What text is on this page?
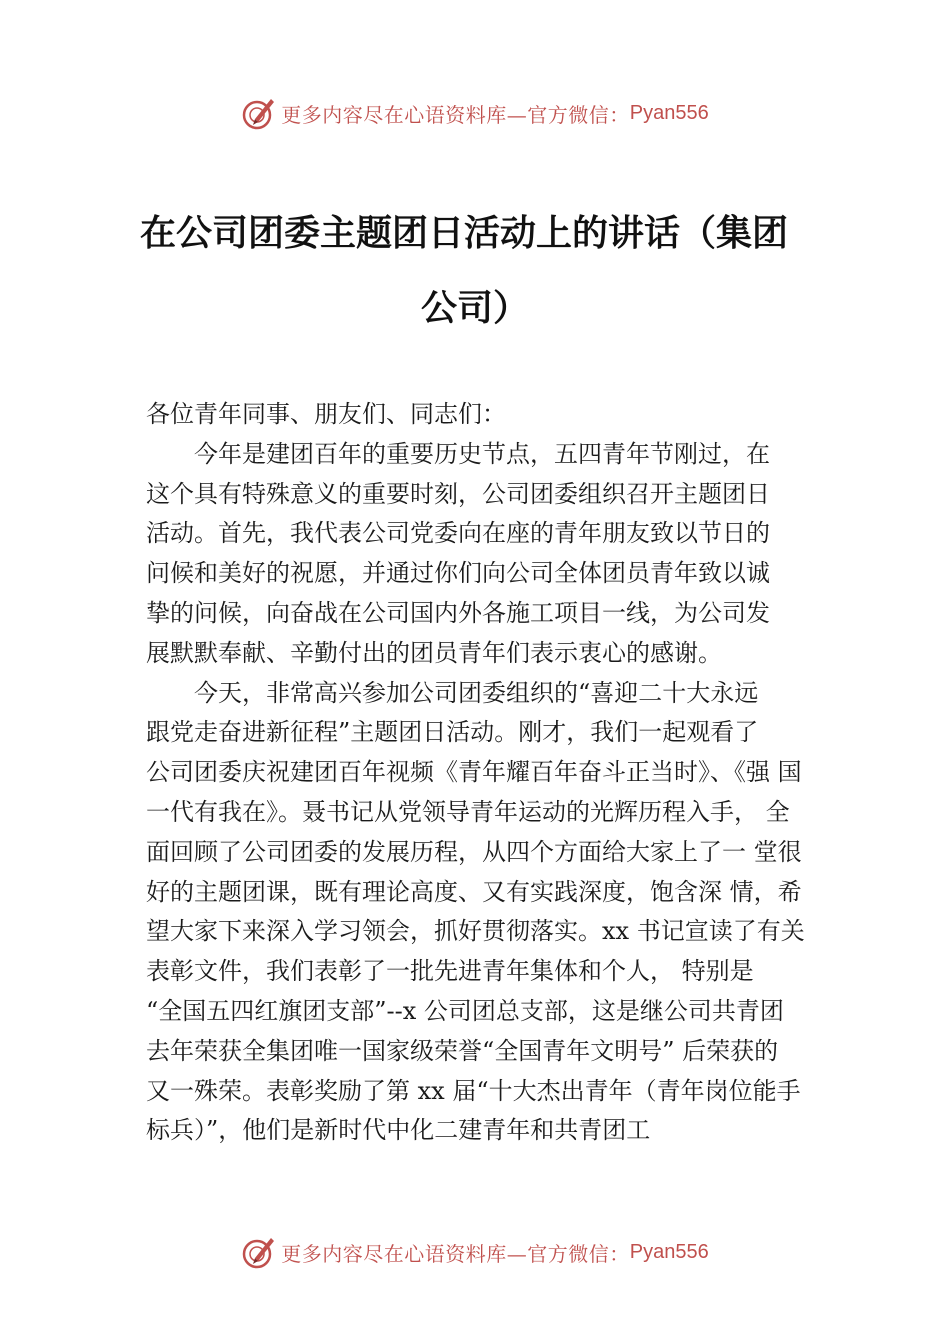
更多内容尽在心语资料库—官方微信： Pyan556
在公司团委主题团日活动上的讲话（集团
公司）

各位青年同事、朋友们、同志们：

今年是建团百年的重要历史节点，五四青年节刚过，在

这个具有特殊意义的重要时刻，公司团委组织召开主题团日

活动。首先，我代表公司党委向在座的青年朋友致以节日的

问候和美好的祝愿，并通过你们向公司全体团员青年致以诚

挚的问候，向奋战在公司国内外各施工项目一线，为公司发

展默默奉献、辛勤付出的团员青年们表示衷心的感谢。

今天，非常高兴参加公司团委组织的“喜迎二十大永远

跟党走奋进新征程”主题团日活动。刚才，我们一起观看了

公司团委庆祝建团百年视频《青年耀百年奋斗正当时》、《强 国

一代有我在》。聂书记从党领导青年运动的光辉历程入手， 全

面回顾了公司团委的发展历程，从四个方面给大家上了一 堂很

好的主题团课，既有理论高度、又有实践深度，饱含深 情，希

望大家下来深入学习领会，抓好贯彻落实。xx 书记宣读了有关

表彰文件，我们表彰了一批先进青年集体和个人， 特别是

“全国五四红旗团支部”--x 公司团总支部，这是继公司共青团

去年荣获全集团唯一国家级荣誉“全国青年文明号” 后荣获的

又一殊荣。表彰奖励了第 xx 届“十大杰出青年（青年岗位能手

标兵）”，他们是新时代中化二建青年和共青团工

更多内容尽在心语资料库—官方微信： Pyan556
